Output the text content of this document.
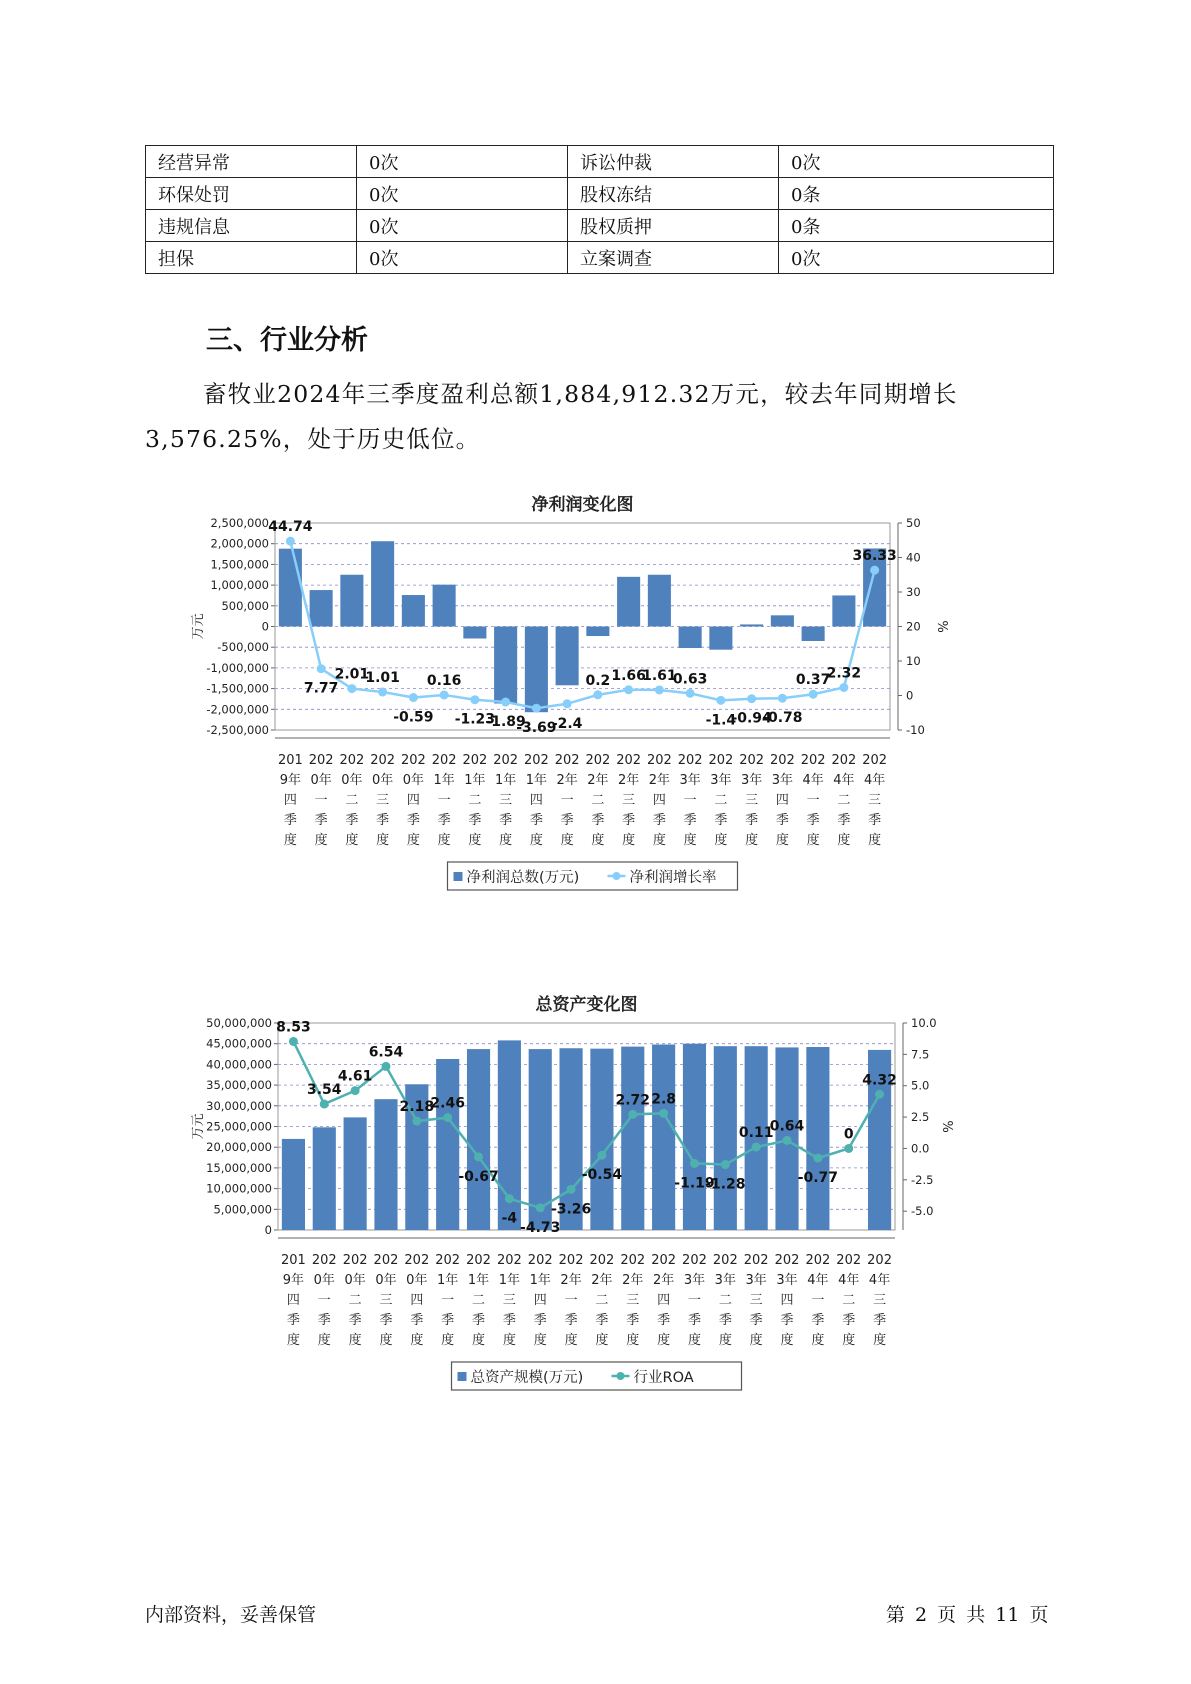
经营异常	0次	诉讼仲裁	0次
环保处罚	0次	股权冻结	0条
违规信息	0次	股权质押	0条
担保	0次	立案调查	0次
三、行业分析

畜牧业2024年三季度盈利总额1,884,912.32万元，较去年同期增长3,576.25%，处于历史低位。

净利润变化图
2,500,000
2,000,000
1,500,000
1,000,000
500,000
0
-500,000
-1,000,000
-1,500,000
-2,000,000
-2,500,000
50
40
30
20
10
0
-10
万元	%
44.74
7.77
2.01
1.01
-0.59
0.16
-1.23
-1.89
-3.69
-2.4
0.2 1.66
1.61
0.63
-1.4
-0.94
-0.78
0.37
2.32
36.33
201
9年
四
季
度
202
0年
一
季
度
202
0年
二
季
度
202
0年
三
季
度
202
0年
四
季
度
202
1年
一
季
度
202
1年
二
季
度
202
1年
三
季
度
202
1年
四
季
度
202
2年
一
季
度
202
2年
二
季
度
202
2年
三
季
度
202
2年
四
季
度
202
3年
一
季
度
202
3年
二
季
度
202
3年
三
季
度
202
3年
四
季
度
202
4年
一
季
度
202
4年
二
季
度
202
4年
三
季
度
净利润总数(万元)	净利润增长率
总资产变化图
50,000,000
45,000,000
40,000,000
35,000,000
30,000,000
25,000,000
20,000,000
15,000,000
10,000,000
5,000,000
0
10.0
7.5
5.0
2.5
0.0
-2.5
-5.0
万元	%
8.53
3.54
4.61
6.54
2.18
2.46
-0.67
-4
-4.73
-3.26
-0.54
2.72 2.8
-1.19
-1.28
0.11
0.64
-0.77
0
4.32
201
9年
四
季
度
202
0年
一
季
度
202
0年
二
季
度
202
0年
三
季
度
202
0年
四
季
度
202
1年
一
季
度
202
1年
二
季
度
202
1年
三
季
度
202
1年
四
季
度
202
2年
一
季
度
202
2年
二
季
度
202
2年
三
季
度
202
2年
四
季
度
202
3年
一
季
度
202
3年
二
季
度
202
3年
三
季
度
202
3年
四
季
度
202
4年
一
季
度
202
4年
二
季
度
202
4年
三
季
度
总资产规模(万元)	行业ROA
内部资料，妥善保管	第 2 页 共 11 页
